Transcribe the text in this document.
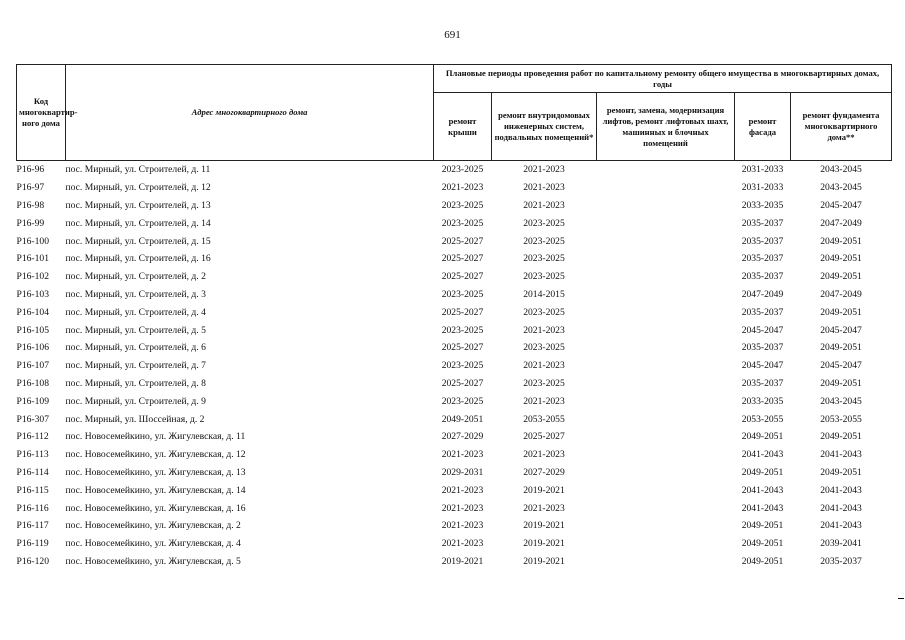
691
Код многоквартир-ного дома	Адрес многоквартирного дома	Плановые периоды проведения работ по капитальному ремонту общего имущества в многоквартирных домах, годы				
		ремонт крыши	ремонт внутридомовых инженерных систем, подвальных помещений*	ремонт, замена, модернизация лифтов, ремонт лифтовых шахт, машинных и блочных помещений	ремонт фасада	ремонт фундамента многоквартирного дома**
Р16-96	пос. Мирный, ул. Строителей, д. 11	2023-2025	2021-2023		2031-2033	2043-2045
Р16-97	пос. Мирный, ул. Строителей, д. 12	2021-2023	2021-2023		2031-2033	2043-2045
Р16-98	пос. Мирный, ул. Строителей, д. 13	2023-2025	2021-2023		2033-2035	2045-2047
Р16-99	пос. Мирный, ул. Строителей, д. 14	2023-2025	2023-2025		2035-2037	2047-2049
Р16-100	пос. Мирный, ул. Строителей, д. 15	2025-2027	2023-2025		2035-2037	2049-2051
Р16-101	пос. Мирный, ул. Строителей, д. 16	2025-2027	2023-2025		2035-2037	2049-2051
Р16-102	пос. Мирный, ул. Строителей, д. 2	2025-2027	2023-2025		2035-2037	2049-2051
Р16-103	пос. Мирный, ул. Строителей, д. 3	2023-2025	2014-2015		2047-2049	2047-2049
Р16-104	пос. Мирный, ул. Строителей, д. 4	2025-2027	2023-2025		2035-2037	2049-2051
Р16-105	пос. Мирный, ул. Строителей, д. 5	2023-2025	2021-2023		2045-2047	2045-2047
Р16-106	пос. Мирный, ул. Строителей, д. 6	2025-2027	2023-2025		2035-2037	2049-2051
Р16-107	пос. Мирный, ул. Строителей, д. 7	2023-2025	2021-2023		2045-2047	2045-2047
Р16-108	пос. Мирный, ул. Строителей, д. 8	2025-2027	2023-2025		2035-2037	2049-2051
Р16-109	пос. Мирный, ул. Строителей, д. 9	2023-2025	2021-2023		2033-2035	2043-2045
Р16-307	пос. Мирный, ул. Шоссейная, д. 2	2049-2051	2053-2055		2053-2055	2053-2055
Р16-112	пос. Новосемейкино, ул. Жигулевская, д. 11	2027-2029	2025-2027		2049-2051	2049-2051
Р16-113	пос. Новосемейкино, ул. Жигулевская, д. 12	2021-2023	2021-2023		2041-2043	2041-2043
Р16-114	пос. Новосемейкино, ул. Жигулевская, д. 13	2029-2031	2027-2029		2049-2051	2049-2051
Р16-115	пос. Новосемейкино, ул. Жигулевская, д. 14	2021-2023	2019-2021		2041-2043	2041-2043
Р16-116	пос. Новосемейкино, ул. Жигулевская, д. 16	2021-2023	2021-2023		2041-2043	2041-2043
Р16-117	пос. Новосемейкино, ул. Жигулевская, д. 2	2021-2023	2019-2021		2049-2051	2041-2043
Р16-119	пос. Новосемейкино, ул. Жигулевская, д. 4	2021-2023	2019-2021		2049-2051	2039-2041
Р16-120	пос. Новосемейкино, ул. Жигулевская, д. 5	2019-2021	2019-2021		2049-2051	2035-2037
